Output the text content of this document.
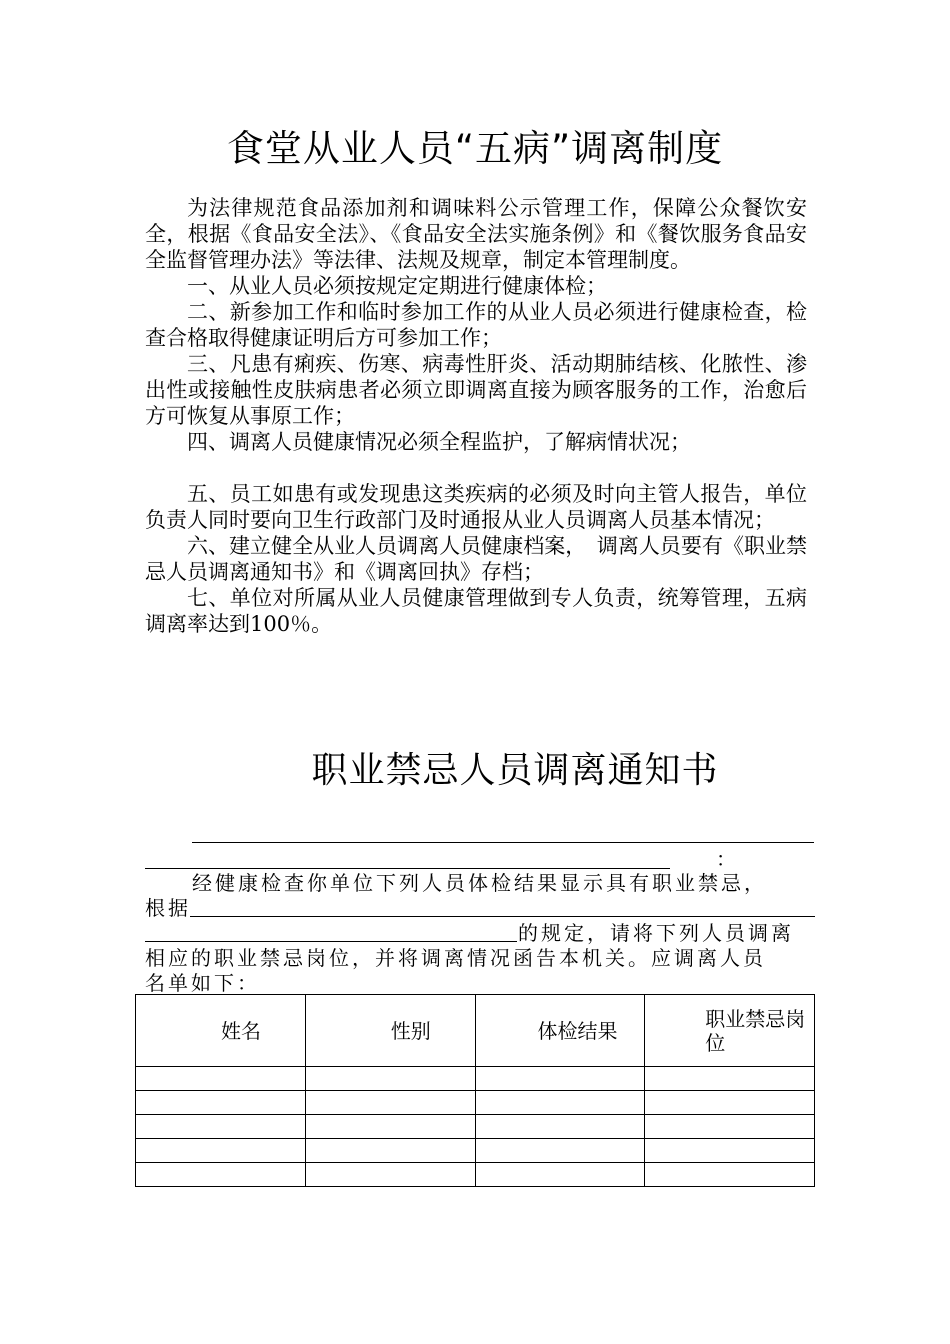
食堂从业人员“五病”调离制度

为法律规范食品添加剂和调味料公示管理工作，保障公众餐饮安　全，根据《食品安全法》、《食品安全法实施条例》和《餐饮服务食品安全监督管理办法》等法律、法规及规章，制定本管理制度。

一、从业人员必须按规定定期进行健康体检；

二、新参加工作和临时参加工作的从业人员必须进行健康检查，检查合格取得健康证明后方可参加工作；

三、凡患有痢疾、伤寒、病毒性肝炎、活动期肺结核、化脓性、渗出性或接触性皮肤病患者必须立即调离直接为顾客服务的工作，治愈后方可恢复从事原工作；

四、调离人员健康情况必须全程监护，了解病情状况；

五、员工如患有或发现患这类疾病的必须及时向主管人报告，单位负责人同时要向卫生行政部门及时通报从业人员调离人员基本情况；

六、建立健全从业人员调离人员健康档案，　调离人员要有《职业禁忌人员调离通知书》和《调离回执》存档；

七、单位对所属从业人员健康管理做到专人负责，统筹管理，五病调离率达到100％。

职业禁忌人员调离通知书
：
经健康检查你单位下列人员体检结果显示具有职业禁忌，
根据
的规定，请将下列人员调离
相应的职业禁忌岗位，并将调离情况函告本机关。应调离人员
名单如下：
姓名	性别	体检结果	职业禁忌岗位
